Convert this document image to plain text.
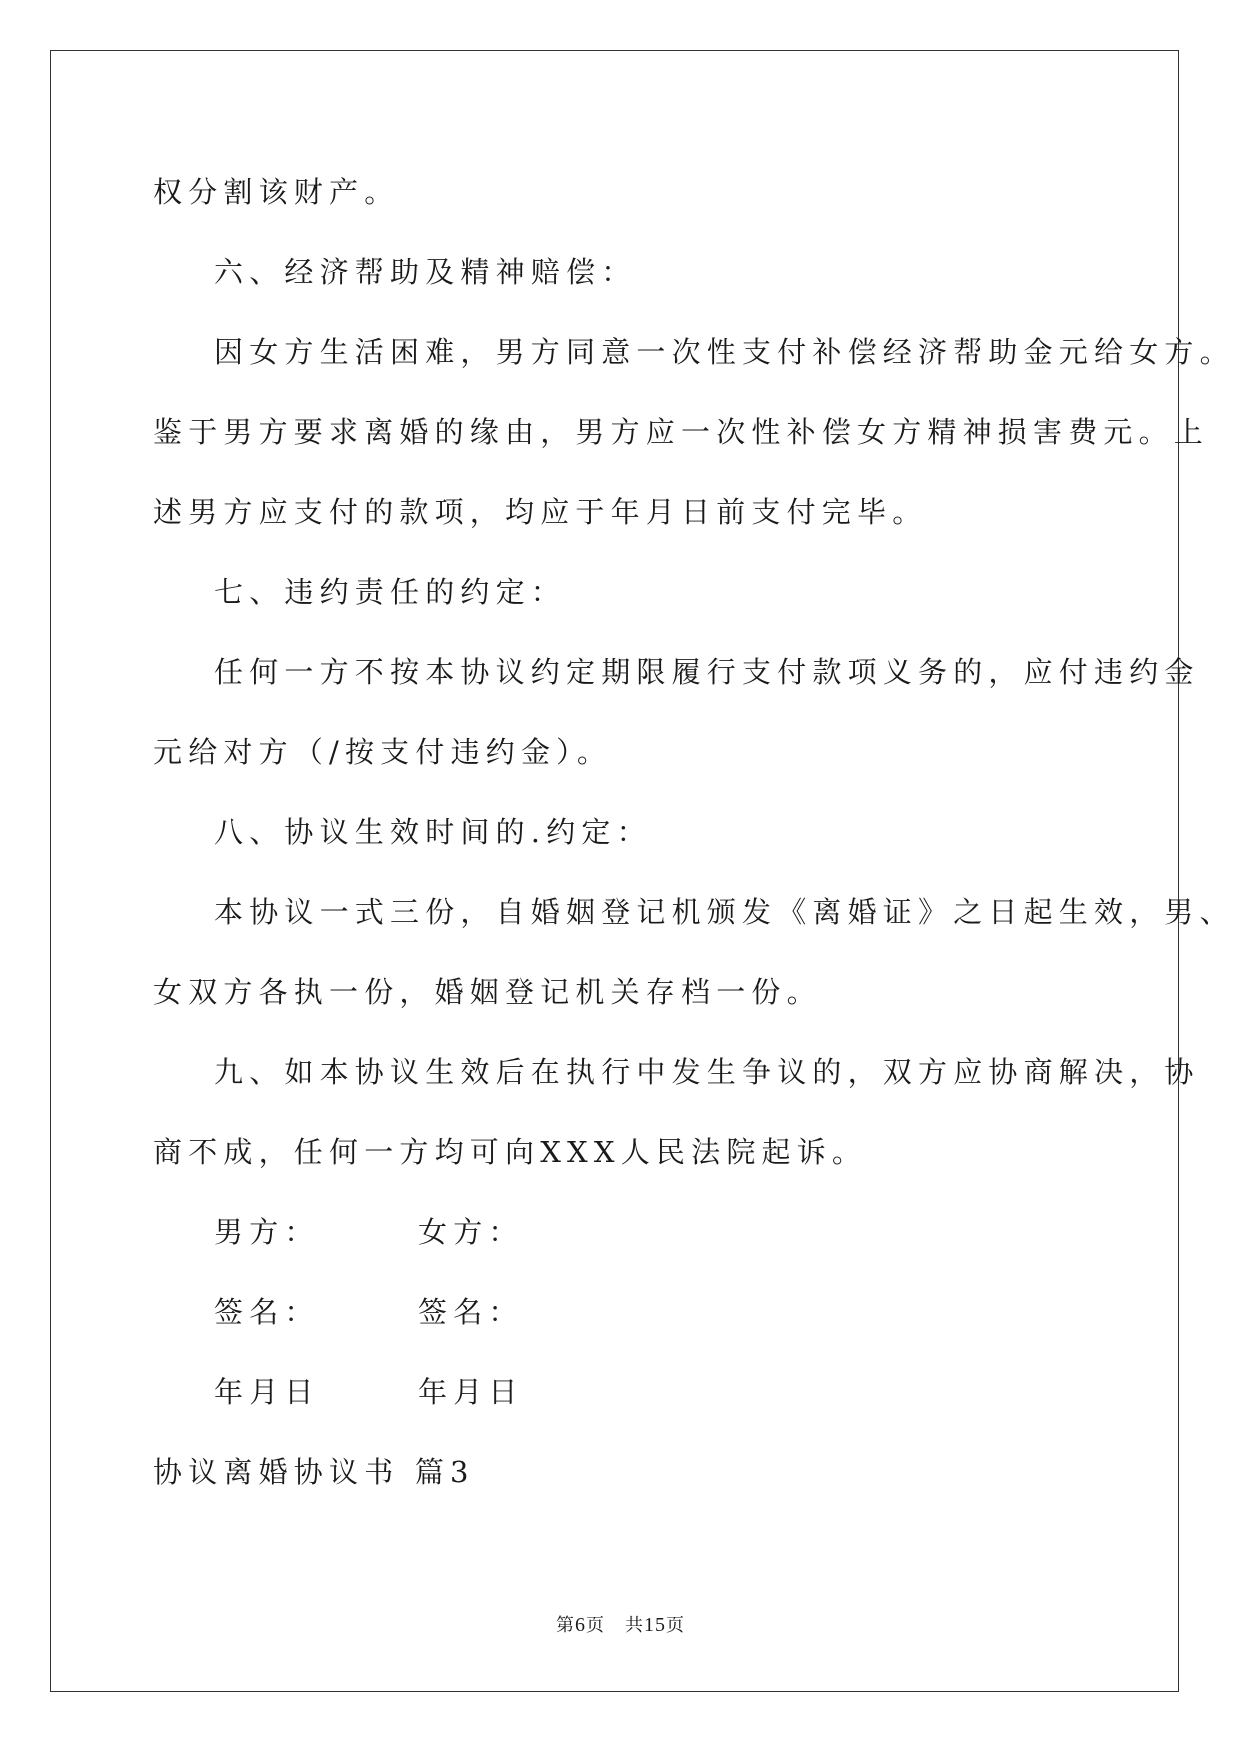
权分割该财产。
六、经济帮助及精神赔偿：
因女方生活困难，男方同意一次性支付补偿经济帮助金元给女方。
鉴于男方要求离婚的缘由，男方应一次性补偿女方精神损害费元。上
述男方应支付的款项，均应于年月日前支付完毕。
七、违约责任的约定：
任何一方不按本协议约定期限履行支付款项义务的，应付违约金
元给对方（/按支付违约金）。
八、协议生效时间的.约定：
本协议一式三份，自婚姻登记机颁发《离婚证》之日起生效，男、
女双方各执一份，婚姻登记机关存档一份。
九、如本协议生效后在执行中发生争议的，双方应协商解决，协
商不成，任何一方均可向XXX人民法院起诉。
男方：	女方：
签名：	签名：
年月日	年月日
协议离婚协议书 篇3
第6页 共15页
